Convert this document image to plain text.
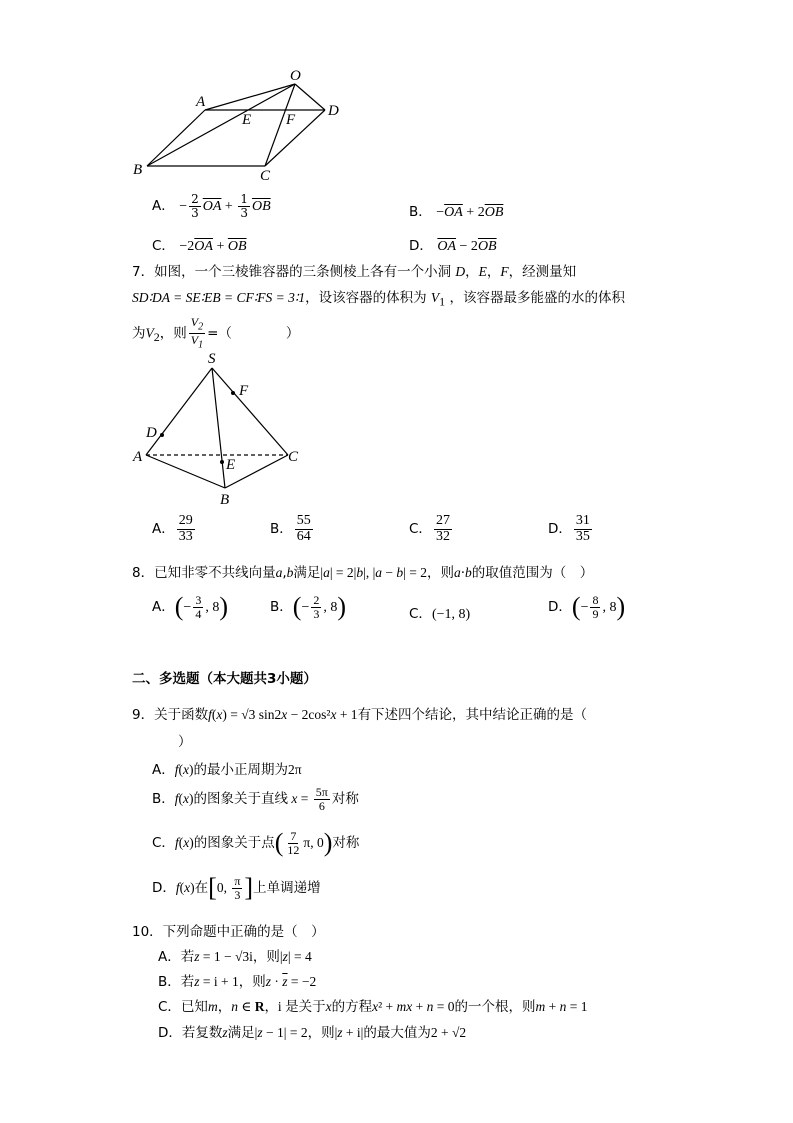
O
A
E F
D
B	C
A． − $\frac{2}{3} \overline{OA} + \frac{1}{3} \overline{OB}$	B． $-\overline{OA} + 2\overline{OB}$
C． $-2\overline{OA} + \overline{OB}$	D． $\overline{OA} - 2\overline{OB}$
7．如图，一个三棱锥容器的三条侧棱上各有一个小洞 D，E，F，经测量知
SD∶DA = SE∶EB = CF∶FS = 3∶1，设该容器的体积为 $V_1$ ，该容器最多能盛的水的体积
为$V_2$，则 $\frac{V_2}{V_1}$ =（　　　　）
S
F
D
A	E	C
B
A． $\frac{29}{33}$	B． $\frac{55}{64}$	C． $\frac{27}{32}$	D． $\frac{31}{35}$
8．已知非零不共线向量a,b满足|a| = 2|b|, |a − b| = 2，则a·b的取值范围为（　）
A．(− $\frac{3}{4}$ , 8)	B．(− $\frac{2}{3}$ , 8)	C．(−1, 8)	D．(− $\frac{8}{9}$ , 8)
二、多选题（本大题共3小题）
9．关于函数f(x) = √3 sin2x − 2cos²x + 1有下述四个结论，其中结论正确的是（
）
A．f(x)的最小正周期为2π
B．f(x)的图象关于直线 $x = \frac{5\pi}{6}$ 对称
C．f(x)的图象关于点( $\frac{7}{12} \pi$, 0)对称
D．f(x)在[0, $\frac{\pi}{3}$ ]上单调递增
10．下列命题中正确的是（　）
A．若z = 1 − √3i，则|z| = 4
B．若z = i + 1，则$z \cdot \overline{z} = -2$
C．已知m，n ∈ R，i 是关于x的方程x² + mx + n = 0的一个根，则m + n = 1
D．若复数z满足|z − 1| = 2，则|z + i|的最大值为2 + √2
